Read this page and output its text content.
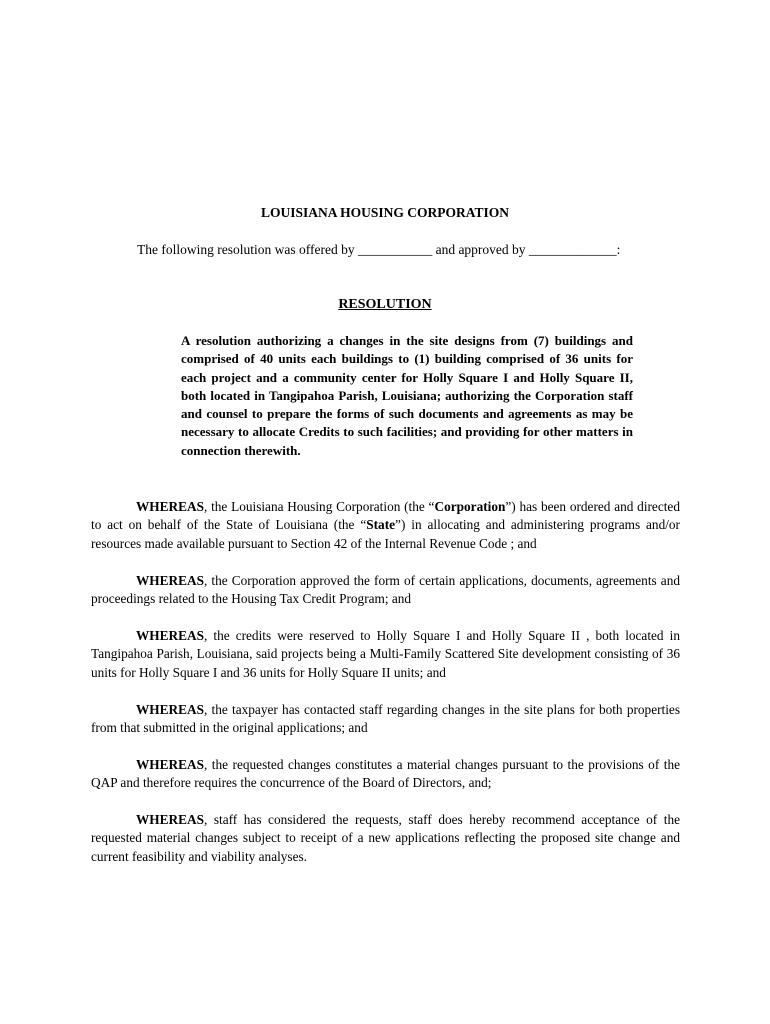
LOUISIANA HOUSING CORPORATION
The following resolution was offered by ___________ and approved by _____________:
RESOLUTION
A resolution authorizing a changes in the site designs from (7) buildings and comprised of 40 units each buildings to (1) building comprised of 36 units for each project and a community center for Holly Square I and Holly Square II, both located in Tangipahoa Parish, Louisiana; authorizing the Corporation staff and counsel to prepare the forms of such documents and agreements as may be necessary to allocate Credits to such facilities; and providing for other matters in connection therewith.

WHEREAS, the Louisiana Housing Corporation (the “Corporation”) has been ordered and directed to act on behalf of the State of Louisiana (the “State”) in allocating and administering programs and/or resources made available pursuant to Section 42 of the Internal Revenue Code ; and

WHEREAS, the Corporation approved the form of certain applications, documents, agreements and proceedings related to the Housing Tax Credit Program; and

WHEREAS, the credits were reserved to Holly Square I and Holly Square II , both located in Tangipahoa Parish, Louisiana, said projects being a Multi-Family Scattered Site development consisting of 36 units for Holly Square I and 36 units for Holly Square II units; and

WHEREAS, the taxpayer has contacted staff regarding changes in the site plans for both properties from that submitted in the original applications; and

WHEREAS, the requested changes constitutes a material changes pursuant to the provisions of the QAP and therefore requires the concurrence of the Board of Directors, and;

WHEREAS, staff has considered the requests, staff does hereby recommend acceptance of the requested material changes subject to receipt of a new applications reflecting the proposed site change and current feasibility and viability analyses.
